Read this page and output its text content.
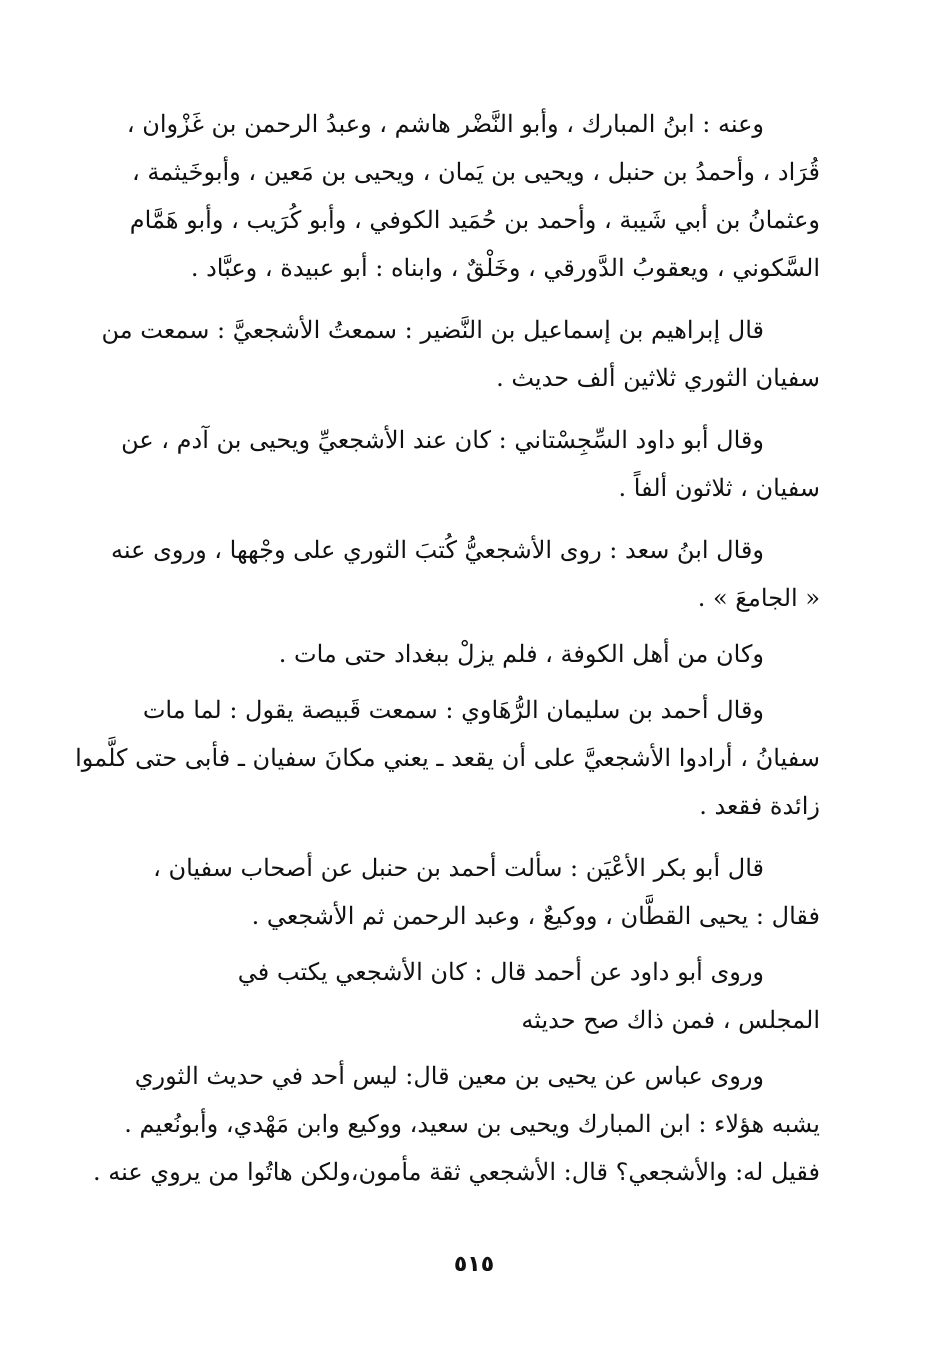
وعنه : ابنُ المبارك ، وأبو النَّضْر هاشم ، وعبدُ الرحمن بن غَزْوان ،
قُرَاد ، وأحمدُ بن حنبل ، ويحيى بن يَمان ، ويحيى بن مَعين ، وأبوخَيثمة ،
وعثمانُ بن أبي شَيبة ، وأحمد بن حُمَيد الكوفي ، وأبو كُرَيب ، وأبو هَمَّام
السَّكوني ، ويعقوبُ الدَّورقي ، وخَلْقٌ ، وابناه : أبو عبيدة ، وعبَّاد .

قال إبراهيم بن إسماعيل بن النَّضير : سمعتُ الأشجعيَّ : سمعت من
سفيان الثوري ثلاثين ألف حديث .

وقال أبو داود السِّجِسْتاني : كان عند الأشجعيِّ ويحيى بن آدم ، عن
سفيان ، ثلاثون ألفاً .

وقال ابنُ سعد : روى الأشجعيُّ كُتبَ الثوري على وجْهها ، وروى عنه
« الجامعَ » .

وكان من أهل الكوفة ، فلم يزلْ ببغداد حتى مات .

وقال أحمد بن سليمان الرُّهَاوي : سمعت قَبيصة يقول : لما مات
سفيانُ ، أرادوا الأشجعيَّ على أن يقعد ـ يعني مكانَ سفيان ـ فأبى حتى كلَّموا
زائدة فقعد .

قال أبو بكر الأعْيَن : سألت أحمد بن حنبل عن أصحاب سفيان ،
فقال : يحيى القطَّان ، ووكيعٌ ، وعبد الرحمن ثم الأشجعي .

وروى أبو داود عن أحمد قال : كان الأشجعي يكتب في
المجلس ، فمن ذاك صح حديثه

وروى عباس عن يحيى بن معين قال: ليس أحد في حديث الثوري
يشبه هؤلاء : ابن المبارك ويحيى بن سعيد، ووكيع وابن مَهْدي، وأبونُعيم .
فقيل له: والأشجعي؟ قال: الأشجعي ثقة مأمون،ولكن هاتُوا من يروي عنه .

٥١٥
